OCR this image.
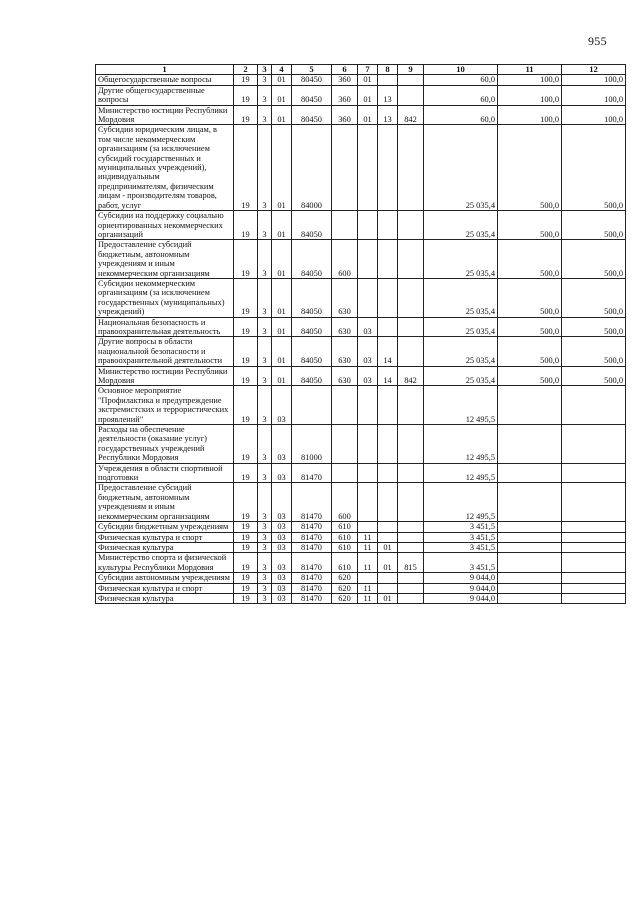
955
1	2	3	4	5	6	7	8	9	10	11	12
Общегосударственные вопросы	19	3	01	80450	360	01			60,0	100,0	100,0
Другие общегосударственные вопросы	19	3	01	80450	360	01	13		60,0	100,0	100,0
Министерство юстиции Республики Мордовия	19	3	01	80450	360	01	13	842	60,0	100,0	100,0
Субсидии юридическим лицам, в том числе некоммерческим организациям (за исключением субсидий государственных и муниципальных учреждений), индивидуальным предпринимателям, физическим лицам - производителям товаров, работ, услуг	19	3	01	84000					25 035,4	500,0	500,0
Субсидии на поддержку социально ориентированных некоммерческих организаций	19	3	01	84050					25 035,4	500,0	500,0
Предоставление субсидий бюджетным, автономным учреждениям и иным некоммерческим организациям	19	3	01	84050	600				25 035,4	500,0	500,0
Субсидии некоммерческим организациям (за исключением государственных (муниципальных) учреждений)	19	3	01	84050	630				25 035,4	500,0	500,0
Национальная безопасность и правоохранительная деятельность	19	3	01	84050	630	03			25 035,4	500,0	500,0
Другие вопросы в области национальной безопасности и правоохранительной деятельности	19	3	01	84050	630	03	14		25 035,4	500,0	500,0
Министерство юстиции Республики Мордовия	19	3	01	84050	630	03	14	842	25 035,4	500,0	500,0
Основное мероприятие "Профилактика и предупреждение экстремистских и террористических проявлений"	19	3	03						12 495,5		
Расходы на обеспечение деятельности (оказание услуг) государственных учреждений Республики Мордовия	19	3	03	81000					12 495,5		
Учреждения в области спортивной подготовки	19	3	03	81470					12 495,5		
Предоставление субсидий бюджетным, автономным учреждениям и иным некоммерческим организациям	19	3	03	81470	600				12 495,5		
Субсидии бюджетным учреждениям	19	3	03	81470	610				3 451,5		
Физическая культура и спорт	19	3	03	81470	610	11			3 451,5		
Физическая культура	19	3	03	81470	610	11	01		3 451,5		
Министерство спорта и физической культуры Республики Мордовия	19	3	03	81470	610	11	01	815	3 451,5		
Субсидии автономным учреждениям	19	3	03	81470	620				9 044,0		
Физическая культура и спорт	19	3	03	81470	620	11			9 044,0		
Физическая культура	19	3	03	81470	620	11	01		9 044,0		
